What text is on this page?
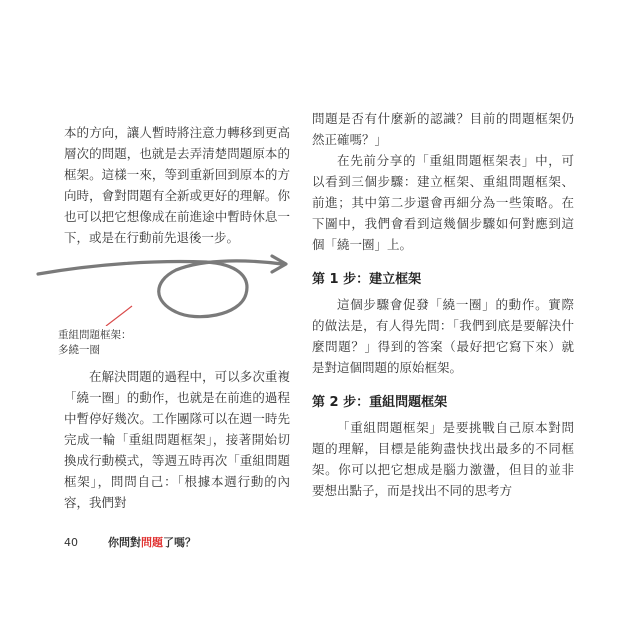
本的方向，讓人暫時將注意力轉移到更高層次的問題，也就是去弄清楚問題原本的框架。這樣一來，等到重新回到原本的方向時，會對問題有全新或更好的理解。你也可以把它想像成在前進途中暫時休息一下，或是在行動前先退後一步。

重組問題框架：
多繞一圈

在解決問題的過程中，可以多次重複「繞一圈」的動作，也就是在前進的過程中暫停好幾次。工作團隊可以在週一時先完成一輪「重組問題框架」，接著開始切換成行動模式，等週五時再次「重組問題框架」，問問自己：「根據本週行動的內容，我們對

問題是否有什麼新的認識？目前的問題框架仍然正確嗎？」

在先前分享的「重組問題框架表」中，可以看到三個步驟：建立框架、重組問題框架、前進；其中第二步還會再細分為一些策略。在下圖中，我們會看到這幾個步驟如何對應到這個「繞一圈」上。

第 1 步：建立框架

這個步驟會促發「繞一圈」的動作。實際的做法是，有人得先問：「我們到底是要解決什麼問題？」得到的答案（最好把它寫下來）就是對這個問題的原始框架。

第 2 步：重組問題框架

「重組問題框架」是要挑戰自己原本對問題的理解，目標是能夠盡快找出最多的不同框架。你可以把它想成是腦力激盪，但目的並非要想出點子，而是找出不同的思考方

40	你問對問題了嗎？
